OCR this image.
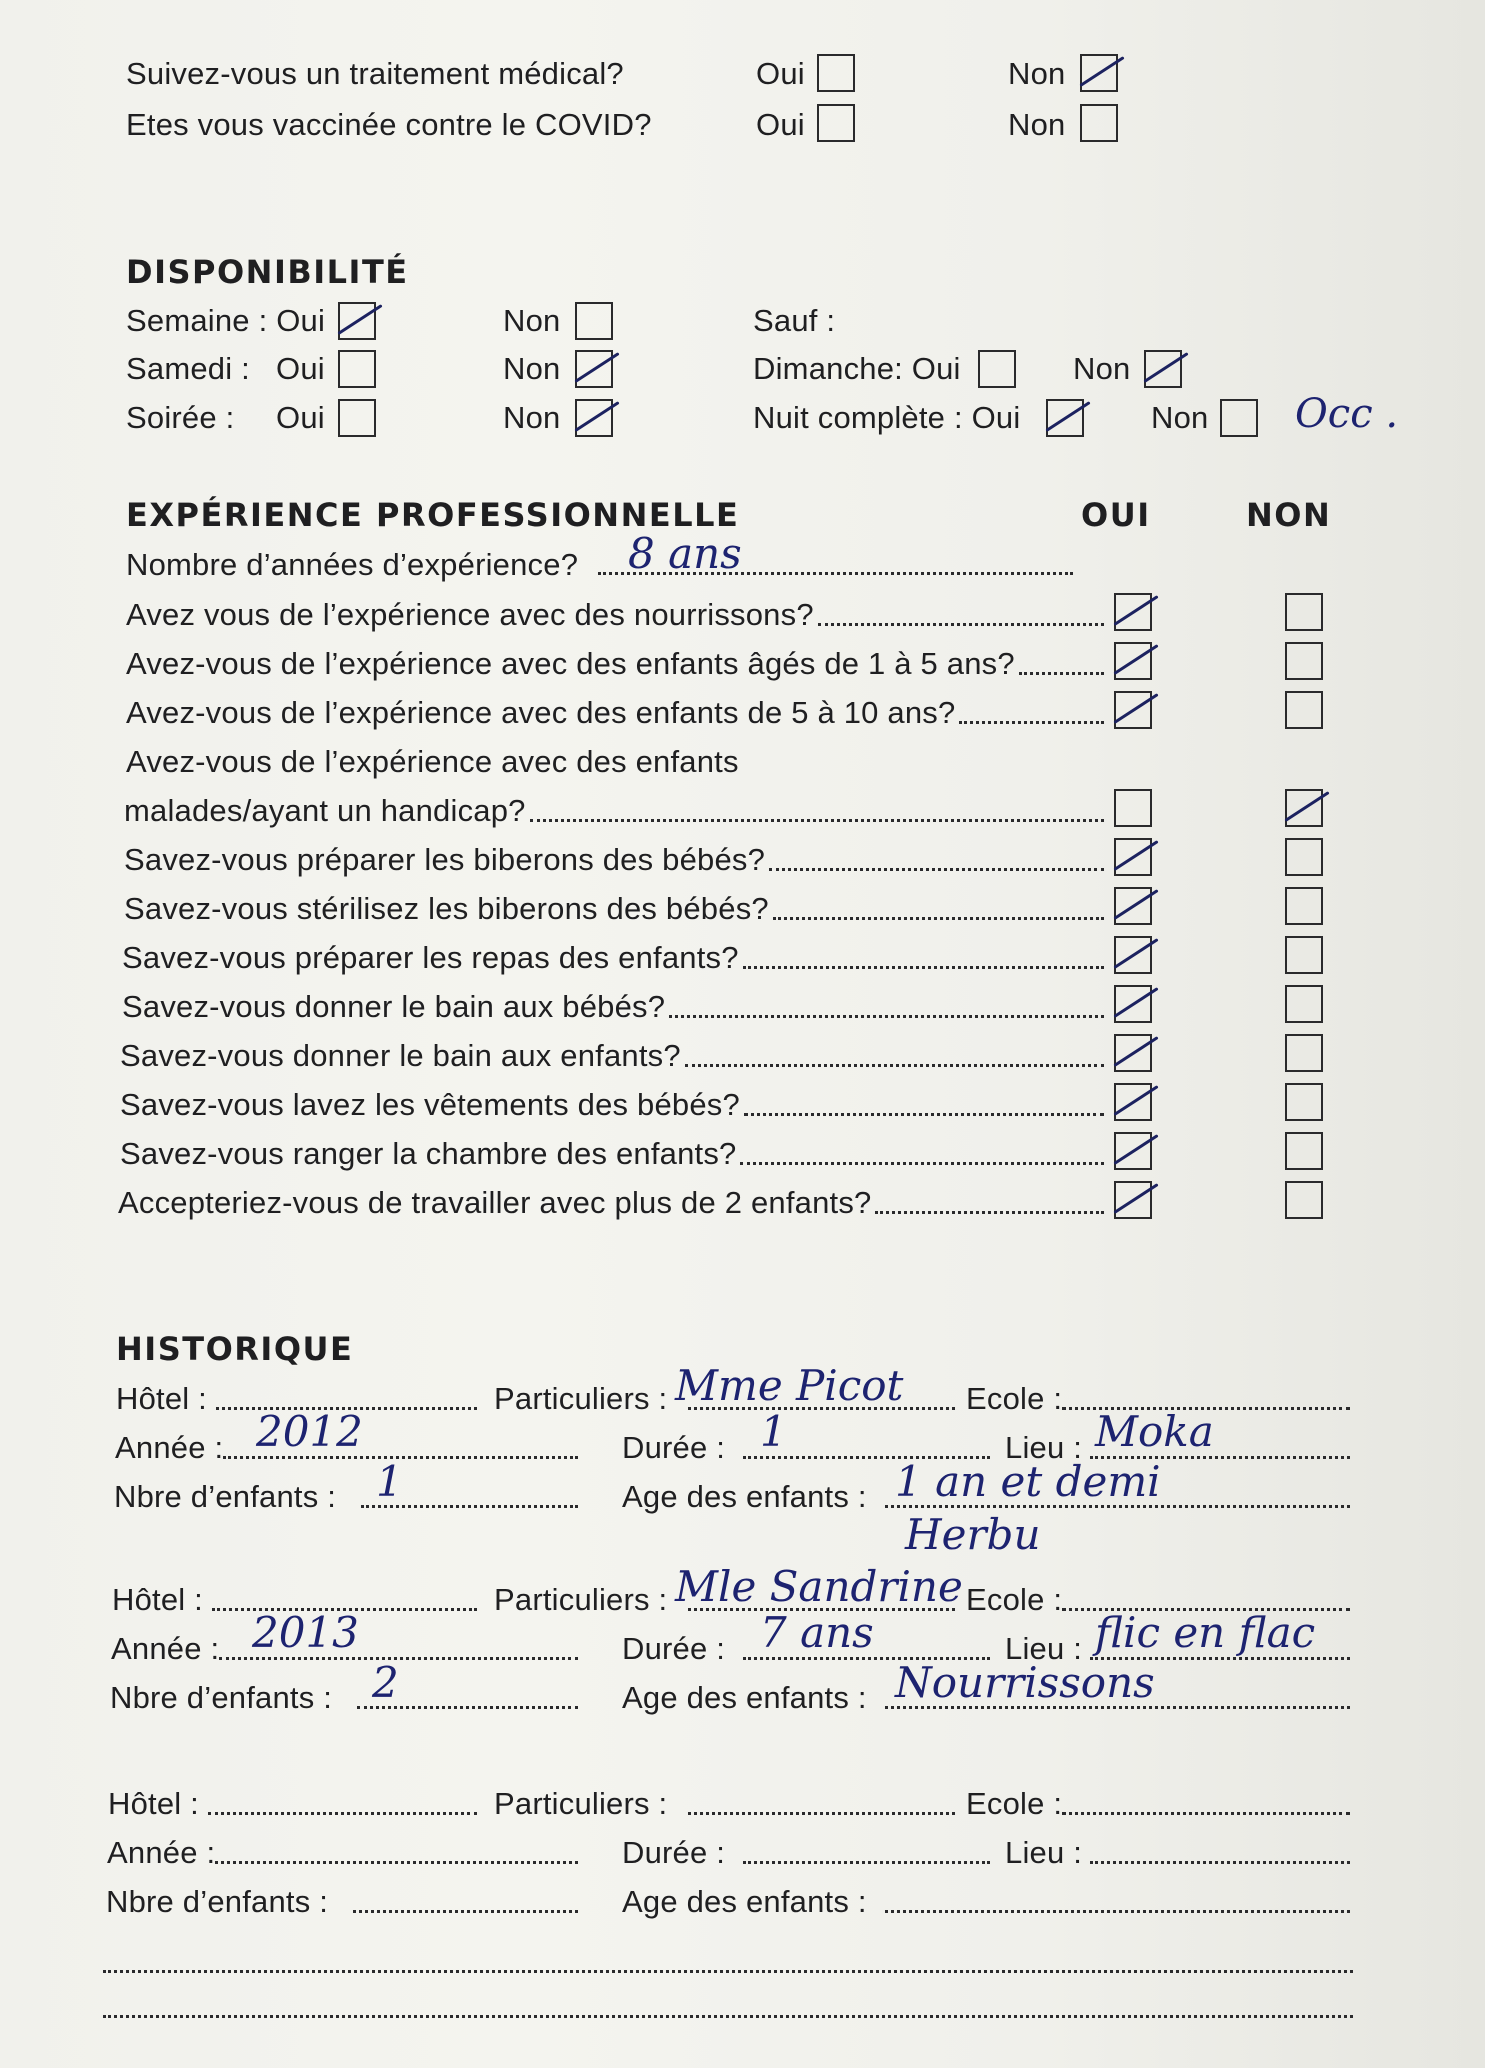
Suivez-vous un traitement médical?	Oui	Non
Etes vous vaccinée contre le COVID?	Oui	Non
DISPONIBILITÉ
Semaine : Oui	Non	Sauf :
Samedi : Oui	Non	Dimanche: Oui	Non
Soirée : Oui	Non	Nuit complète : Oui	Non Occ .
EXPÉRIENCE PROFESSIONNELLE	OUI	NON
Nombre d’années d’expérience? 8 ans
Avez vous de l’expérience avec des nourrissons?
Avez-vous de l’expérience avec des enfants âgés de 1 à 5 ans?
Avez-vous de l’expérience avec des enfants de 5 à 10 ans?
Avez-vous de l’expérience avec des enfants
malades/ayant un handicap?
Savez-vous préparer les biberons des bébés?
Savez-vous stérilisez les biberons des bébés?
Savez-vous préparer les repas des enfants?
Savez-vous donner le bain aux bébés?
Savez-vous donner le bain aux enfants?
Savez-vous lavez les vêtements des bébés?
Savez-vous ranger la chambre des enfants?
Accepteriez-vous de travailler avec plus de 2 enfants?
HISTORIQUE
Hôtel :	Particuliers : Mme Picot Ecole :
Année : 2012	Durée : 1	Lieu : Moka
Nbre d’enfants : 1	Age des enfants : 1 an et demi
Hôtel :	Particuliers : Mle Sandrine Ecole :
Année : 2013	Durée : 7 ans	Lieu : flic en flac
Nbre d’enfants : 2	Age des enfants : Nourrissons
Herbu
Hôtel :	Particuliers :	Ecole :
Année :	Durée :	Lieu :
Nbre d’enfants :	Age des enfants :
